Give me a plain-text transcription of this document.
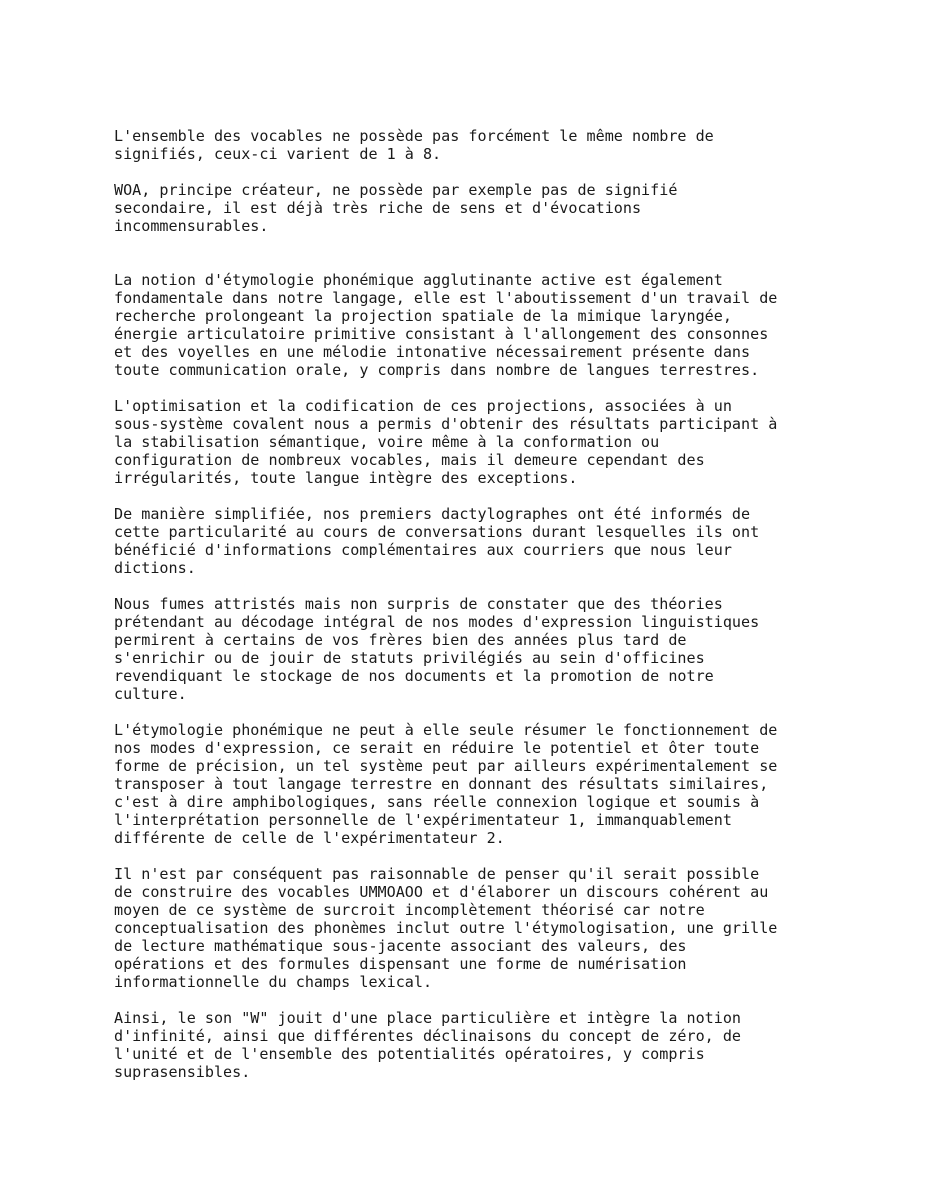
L'ensemble des vocables ne possède pas forcément le même nombre de
signifiés, ceux-ci varient de 1 à 8.
WOA, principe créateur, ne possède par exemple pas de signifié
secondaire, il est déjà très riche de sens et d'évocations
incommensurables.
La notion d'étymologie phonémique agglutinante active est également
fondamentale dans notre langage, elle est l'aboutissement d'un travail de
recherche prolongeant la projection spatiale de la mimique laryngée,
énergie articulatoire primitive consistant à l'allongement des consonnes
et des voyelles en une mélodie intonative nécessairement présente dans
toute communication orale, y compris dans nombre de langues terrestres.
L'optimisation et la codification de ces projections, associées à un
sous-système covalent nous a permis d'obtenir des résultats participant à
la stabilisation sémantique, voire même à la conformation ou
configuration de nombreux vocables, mais il demeure cependant des
irrégularités, toute langue intègre des exceptions.
De manière simplifiée, nos premiers dactylographes ont été informés de
cette particularité au cours de conversations durant lesquelles ils ont
bénéficié d'informations complémentaires aux courriers que nous leur
dictions.
Nous fumes attristés mais non surpris de constater que des théories
prétendant au décodage intégral de nos modes d'expression linguistiques
permirent à certains de vos frères bien des années plus tard de
s'enrichir ou de jouir de statuts privilégiés au sein d'officines
revendiquant le stockage de nos documents et la promotion de notre
culture.
L'étymologie phonémique ne peut à elle seule résumer le fonctionnement de
nos modes d'expression, ce serait en réduire le potentiel et ôter toute
forme de précision, un tel système peut par ailleurs expérimentalement se
transposer à tout langage terrestre en donnant des résultats similaires,
c'est à dire amphibologiques, sans réelle connexion logique et soumis à
l'interprétation personnelle de l'expérimentateur 1, immanquablement
différente de celle de l'expérimentateur 2.
Il n'est par conséquent pas raisonnable de penser qu'il serait possible
de construire des vocables UMMOAOO et d'élaborer un discours cohérent au
moyen de ce système de surcroit incomplètement théorisé car notre
conceptualisation des phonèmes inclut outre l'étymologisation, une grille
de lecture mathématique sous-jacente associant des valeurs, des
opérations et des formules dispensant une forme de numérisation
informationnelle du champs lexical.
Ainsi, le son "W" jouit d'une place particulière et intègre la notion
d'infinité, ainsi que différentes déclinaisons du concept de zéro, de
l'unité et de l'ensemble des potentialités opératoires, y compris
suprasensibles.
